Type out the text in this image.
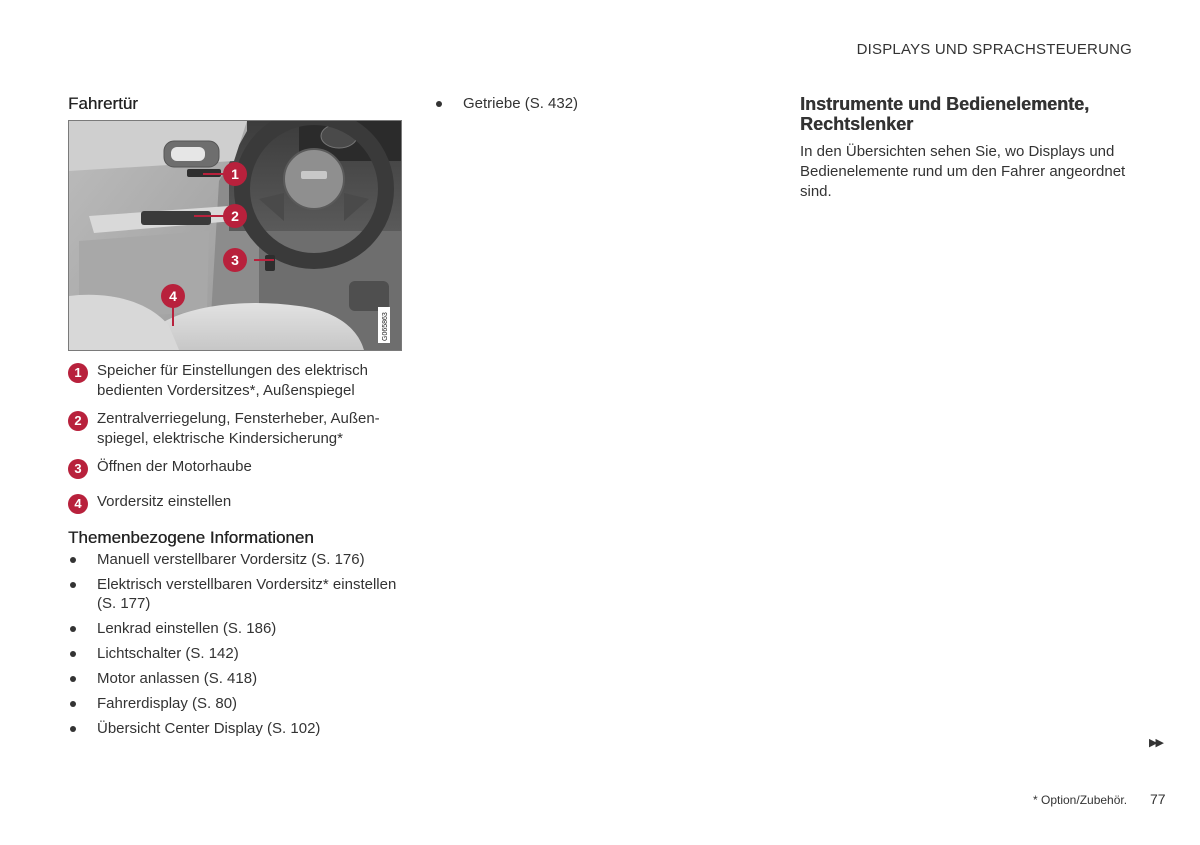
DISPLAYS UND SPRACHSTEUERUNG
Fahrertür
1
2
3
4
G065863
1	Speicher für Einstellungen des elektrisch bedienten Vordersitzes*, Außenspiegel
2	Zentralverriegelung, Fensterheber, Außenspiegel, elektrische Kindersicherung*
3	Öffnen der Motorhaube
4	Vordersitz einstellen
Themenbezogene Informationen
Manuell verstellbarer Vordersitz (S. 176)
Elektrisch verstellbaren Vordersitz* einstellen (S. 177)
Lenkrad einstellen (S. 186)
Lichtschalter (S. 142)
Motor anlassen (S. 418)
Fahrerdisplay (S. 80)
Übersicht Center Display (S. 102)
Getriebe (S. 432)	Instrumente und Bedienelemente,
Rechtslenker

In den Übersichten sehen Sie, wo Displays und Bedienelemente rund um den Fahrer angeordnet sind.

▶▶
* Option/Zubehör. 77
